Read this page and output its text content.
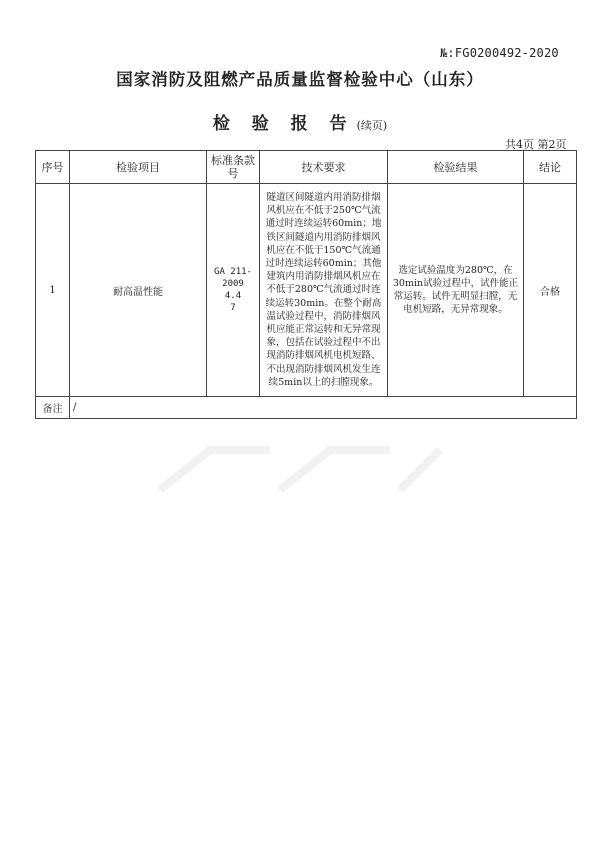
№:FG0200492-2020
国家消防及阻燃产品质量监督检验中心（山东）
检 验 报 告 (续页)
共4页 第2页
序号	检验项目	标准条款号	技术要求	检验结果	结论
1	耐高温性能	GA 211-
2009
4.4
7	隧道区间隧道内用消防排烟风机应在不低于250℃气流通过时连续运转60min；地铁区间隧道内用消防排烟风机应在不低于150℃气流通过时连续运转60min；其他建筑内用消防排烟风机应在不低于280℃气流通过时连续运转30min。在整个耐高温试验过程中，消防排烟风机应能正常运转和无异常现象，包括在试验过程中不出现消防排烟风机电机短路、不出现消防排烟风机发生连续5min以上的扫膛现象。	选定试验温度为280℃，在30min试验过程中，试件能正常运转。试件无明显扫膛，无电机短路，无异常现象。	合格
备注	/				
